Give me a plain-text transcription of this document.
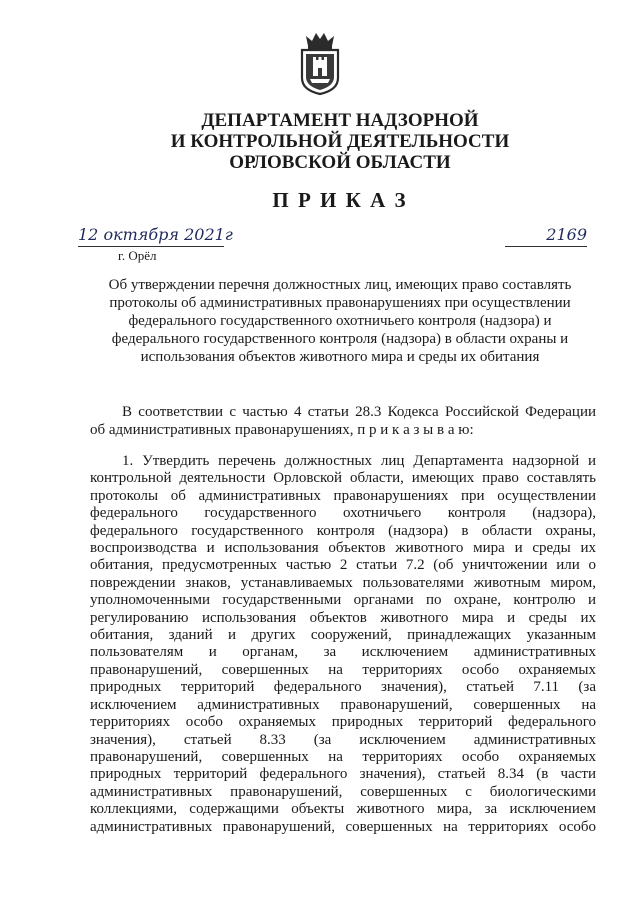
ДЕПАРТАМЕНТ НАДЗОРНОЙ
И КОНТРОЛЬНОЙ ДЕЯТЕЛЬНОСТИ
ОРЛОВСКОЙ ОБЛАСТИ
П Р И К А З
12 октября 2021г	2169
г. Орёл
Об утверждении перечня должностных лиц, имеющих право составлять
протоколы об административных правонарушениях при осуществлении
федерального государственного охотничьего контроля (надзора) и
федерального государственного контроля (надзора) в области охраны и
использования объектов животного мира и среды их обитания
В соответствии с частью 4 статьи 28.3 Кодекса Российской Федерации
об административных правонарушениях, п р и к а з ы в а ю:
1. Утвердить перечень должностных лиц Департамента надзорной и
контрольной деятельности Орловской области, имеющих право составлять
протоколы об административных правонарушениях при осуществлении
федерального государственного охотничьего контроля (надзора),
федерального государственного контроля (надзора) в области охраны,
воспроизводства и использования объектов животного мира и среды их
обитания, предусмотренных частью 2 статьи 7.2 (об уничтожении или о
повреждении знаков, устанавливаемых пользователями животным миром,
уполномоченными государственными органами по охране, контролю и
регулированию использования объектов животного мира и среды их
обитания, зданий и других сооружений, принадлежащих указанным
пользователям и органам, за исключением административных
правонарушений, совершенных на территориях особо охраняемых
природных территорий федерального значения), статьей 7.11 (за
исключением административных правонарушений, совершенных на
территориях особо охраняемых природных территорий федерального
значения), статьей 8.33 (за исключением административных
правонарушений, совершенных на территориях особо охраняемых
природных территорий федерального значения), статьей 8.34 (в части
административных правонарушений, совершенных с биологическими
коллекциями, содержащими объекты животного мира, за исключением
административных правонарушений, совершенных на территориях особо
